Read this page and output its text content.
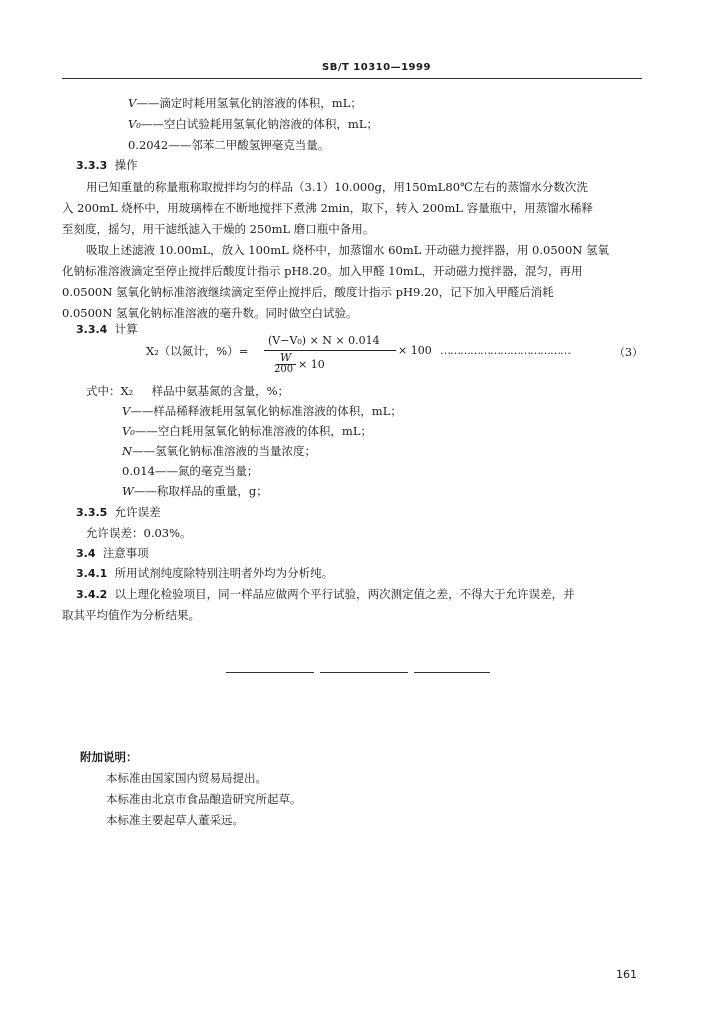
SB/T 10310—1999
V——滴定时耗用氢氧化钠溶液的体积，mL；
V₀——空白试验耗用氢氧化钠溶液的体积，mL；
0.2042——邻苯二甲酸氢钾毫克当量。
3.3.3 操作
用已知重量的称量瓶称取搅拌均匀的样品（3.1）10.000g，用150mL80℃左右的蒸馏水分数次洗
入 200mL 烧杯中，用玻璃棒在不断地搅拌下煮沸 2min，取下，转入 200mL 容量瓶中，用蒸馏水稀释
至刻度，摇匀，用干滤纸滤入干燥的 250mL 磨口瓶中备用。
吸取上述滤液 10.00mL，放入 100mL 烧杯中，加蒸馏水 60mL 开动磁力搅拌器，用 0.0500N 氢氧
化钠标准溶液滴定至停止搅拌后酸度计指示 pH8.20。加入甲醛 10mL，开动磁力搅拌器，混匀，再用
0.0500N 氢氧化钠标准溶液继续滴定至停止搅拌后，酸度计指示 pH9.20，记下加入甲醛后消耗
0.0500N 氢氧化钠标准溶液的毫升数。同时做空白试验。
3.3.4 计算
X₂（以氮计，%）=
(V−V₀) × N × 0.014
W
200 × 10
× 100 …………………………………	（3）
式中：X₂ 样品中氨基氮的含量，%；
V——样品稀释液耗用氢氧化钠标准溶液的体积，mL；
V₀——空白耗用氢氧化钠标准溶液的体积，mL；
N——氢氧化钠标准溶液的当量浓度；
0.014——氮的毫克当量；
W——称取样品的重量，g；
3.3.5 允许误差
允许误差：0.03%。
3.4 注意事项
3.4.1 所用试剂纯度除特别注明者外均为分析纯。
3.4.2 以上理化检验项目，同一样品应做两个平行试验，两次测定值之差，不得大于允许误差，并
取其平均值作为分析结果。
附加说明：
本标准由国家国内贸易局提出。
本标准由北京市食品酿造研究所起草。
本标准主要起草人董采远。
161
